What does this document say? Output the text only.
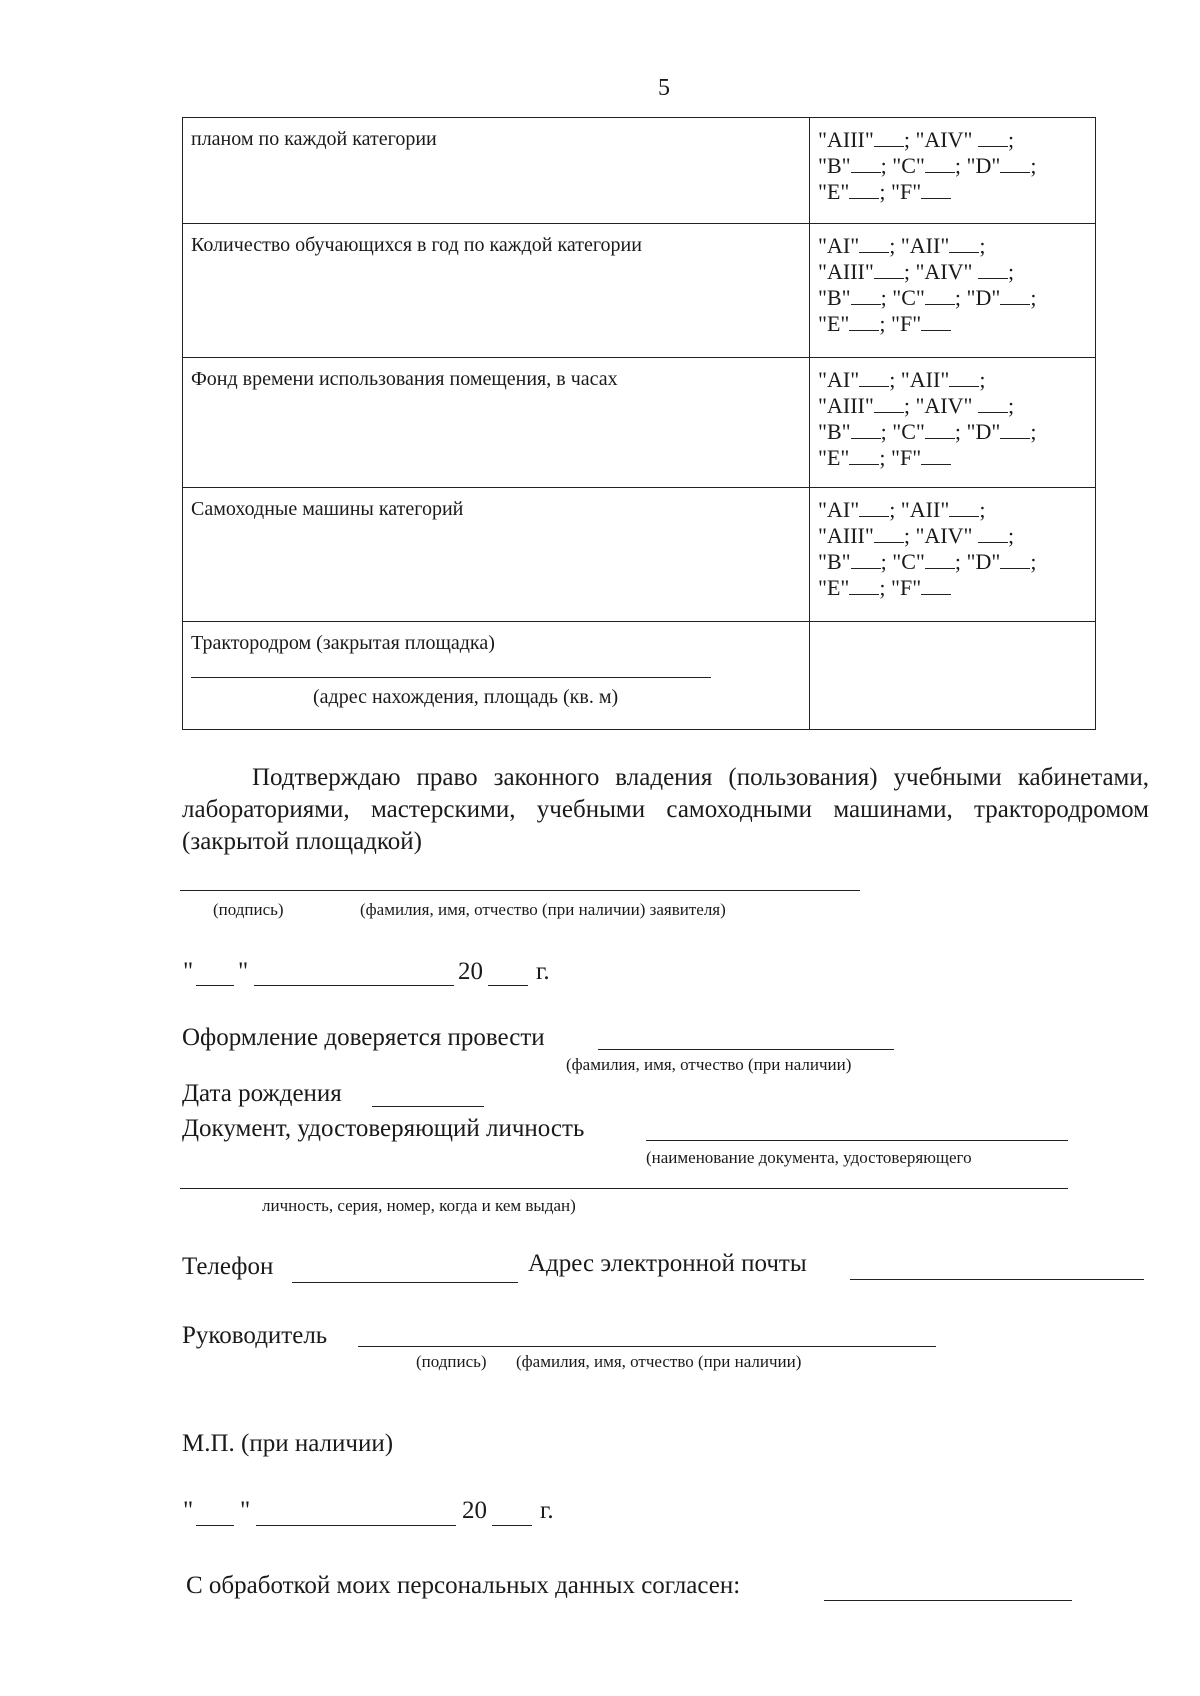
5
планом по каждой категории	"AIII" ; "AIV" ;
"B" ; "C" ; "D" ;
"E" ; "F"

Количество обучающихся в год по каждой категории	"AI" ; "AII" ;
"AIII" ; "AIV" ;
"B" ; "C" ; "D" ;
"E" ; "F"

Фонд времени использования помещения, в часах	"AI" ; "AII" ;
"AIII" ; "AIV" ;
"B" ; "C" ; "D" ;
"E" ; "F"

Самоходные машины категорий	"AI" ; "AII" ;
"AIII" ; "AIV" ;
"B" ; "C" ; "D" ;
"E" ; "F"

Трактородром (закрытая площадка)
(адрес нахождения, площадь (кв. м)	

Подтверждаю право законного владения (пользования) учебными кабинетами, лабораториями, мастерскими, учебными самоходными машинами, трактородромом (закрытой площадкой)
(подпись)	(фамилия, имя, отчество (при наличии) заявителя)
" "	20 г.
Оформление доверяется провести
(фамилия, имя, отчество (при наличии)
Дата рождения
Документ, удостоверяющий личность
(наименование документа, удостоверяющего
личность, серия, номер, когда и кем выдан)
Телефон	Адрес электронной почты
Руководитель
(подпись) (фамилия, имя, отчество (при наличии)
М.П. (при наличии)
" "	20 г.
С обработкой моих персональных данных согласен:
